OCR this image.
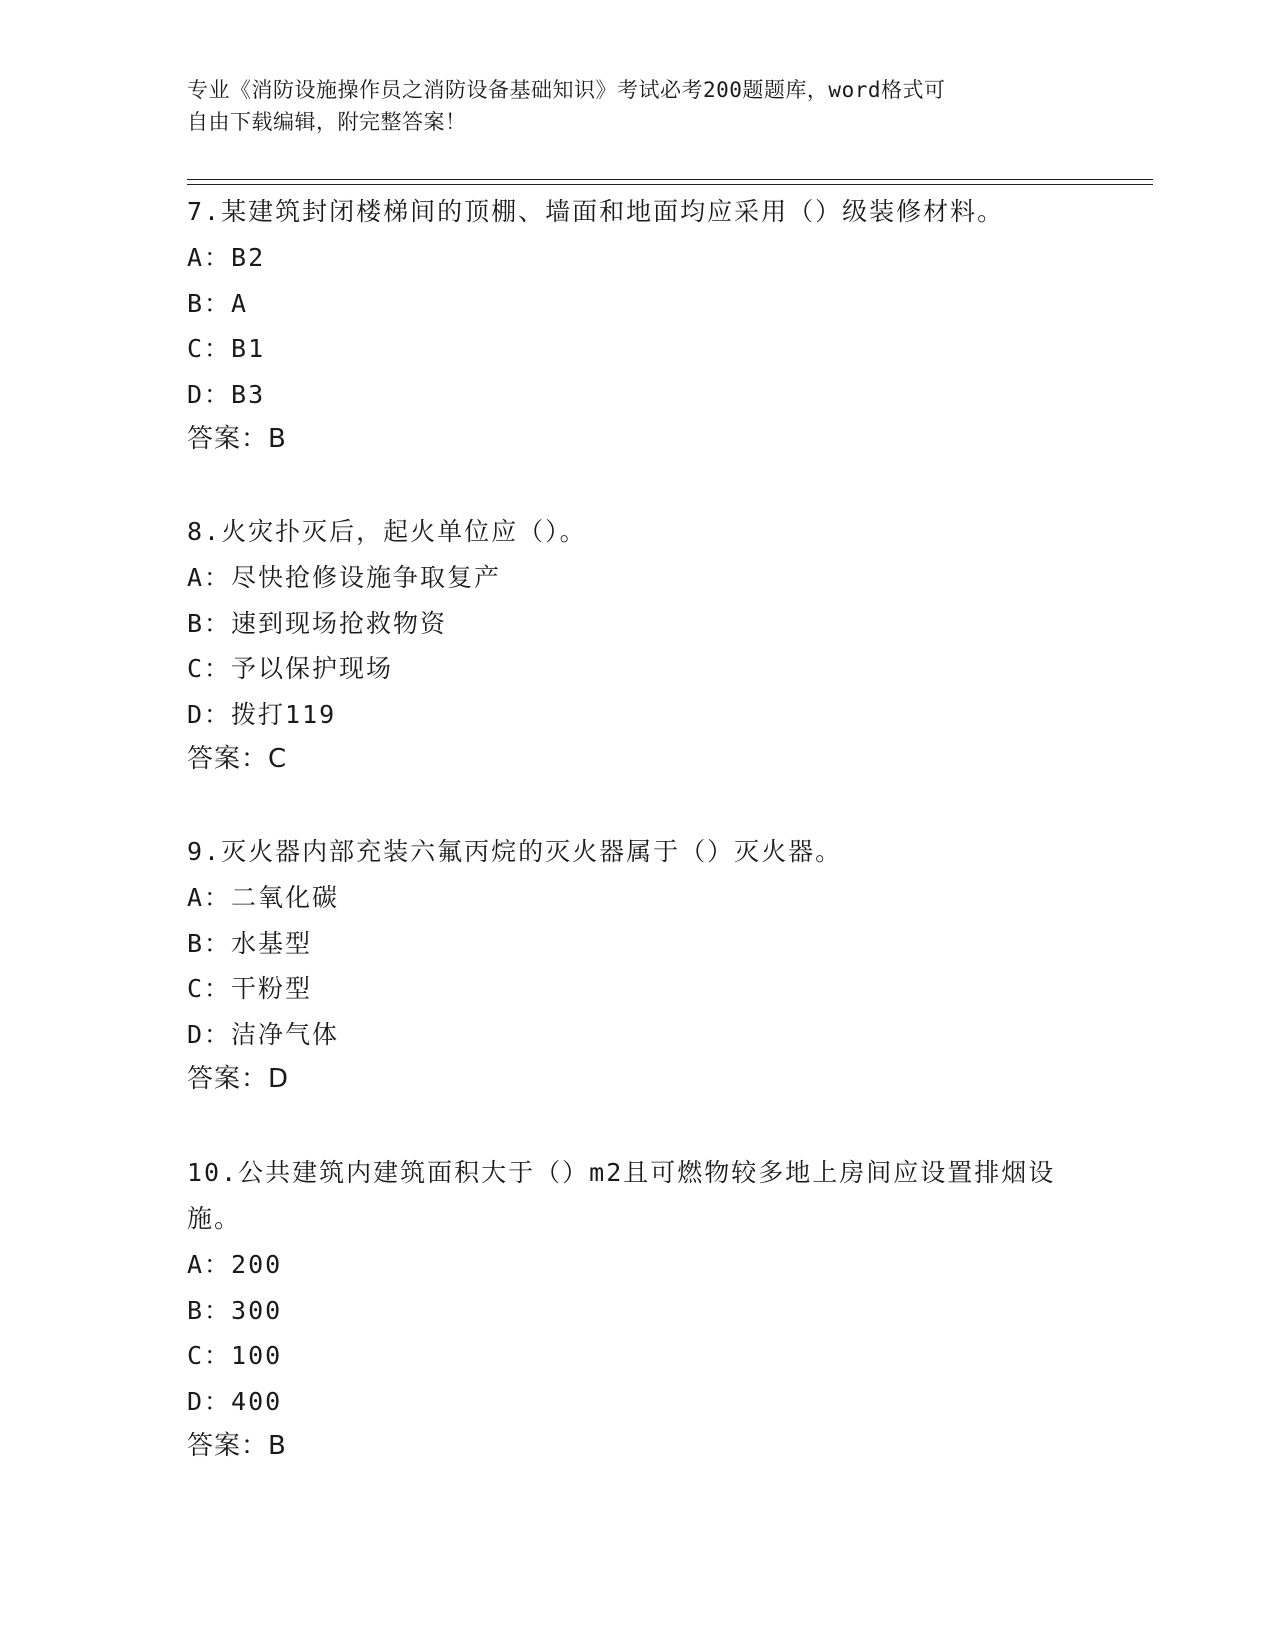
专业《消防设施操作员之消防设备基础知识》考试必考200题题库，word格式可
自由下载编辑，附完整答案！

7.某建筑封闭楼梯间的顶棚、墙面和地面均应采用（）级装修材料。

A：B2

B：A

C：B1

D：B3

答案：B

8.火灾扑灭后，起火单位应（）。

A：尽快抢修设施争取复产

B：速到现场抢救物资

C：予以保护现场

D：拨打119

答案：C

9.灭火器内部充装六氟丙烷的灭火器属于（）灭火器。

A：二氧化碳

B：水基型

C：干粉型

D：洁净气体

答案：D

10.公共建筑内建筑面积大于（）m2且可燃物较多地上房间应设置排烟设施。

A：200

B：300

C：100

D：400

答案：B
